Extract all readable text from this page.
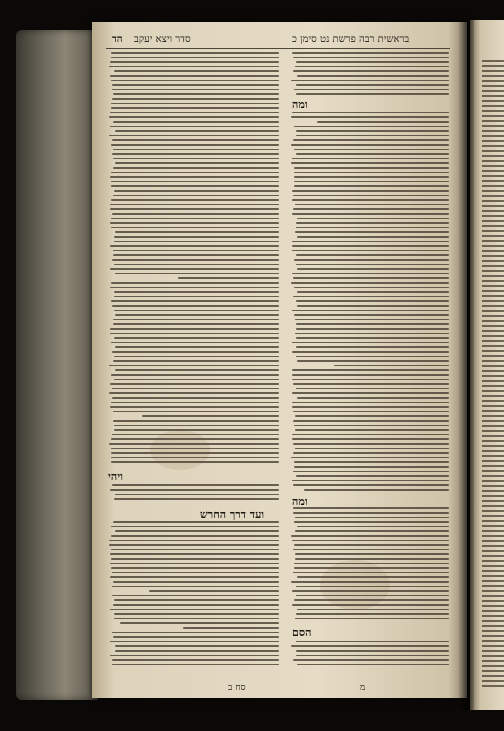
בראשית רבה פרשת נט סימן כ
סדר ויצא יעקב
הד
ויהי
ומה
ומה
ועד דרך החרש
הסם
סח ב	מ
